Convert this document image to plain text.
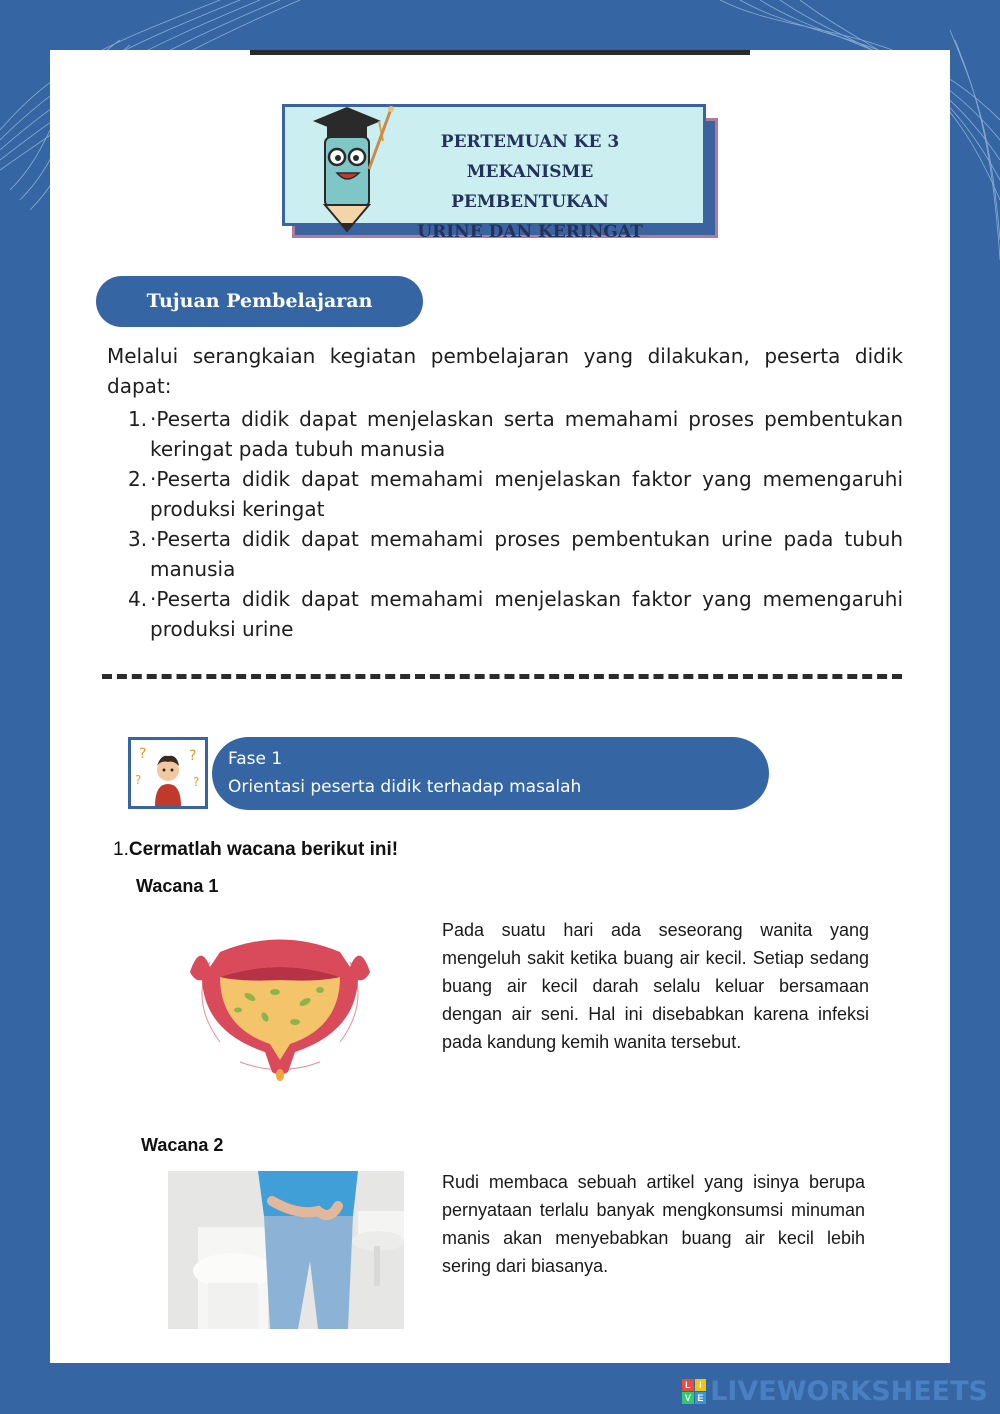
PERTEMUAN KE 3
MEKANISME PEMBENTUKAN
URINE DAN KERINGAT
Tujuan Pembelajaran

Melalui serangkaian kegiatan pembelajaran yang dilakukan, peserta didik dapat:

1. ·Peserta didik dapat menjelaskan serta memahami proses pembentukan keringat pada tubuh manusia
2. ·Peserta didik dapat memahami menjelaskan faktor yang memengaruhi produksi keringat
3. ·Peserta didik dapat memahami proses pembentukan urine pada tubuh manusia
4. ·Peserta didik dapat memahami menjelaskan faktor yang memengaruhi produksi urine
Fase 1
Orientasi peserta didik terhadap masalah
?	?
?	?
1.Cermatlah wacana berikut ini!
Wacana 1

Pada suatu hari ada seseorang wanita yang mengeluh sakit ketika buang air kecil. Setiap sedang buang air kecil darah selalu keluar bersamaan dengan air seni. Hal ini disebabkan karena infeksi pada kandung kemih wanita tersebut.

Wacana 2

Rudi membaca sebuah artikel yang isinya berupa pernyataan terlalu banyak mengkonsumsi minuman manis akan menyebabkan buang air kecil lebih sering dari biasanya.

L I
V E LIVEWORKSHEETS
